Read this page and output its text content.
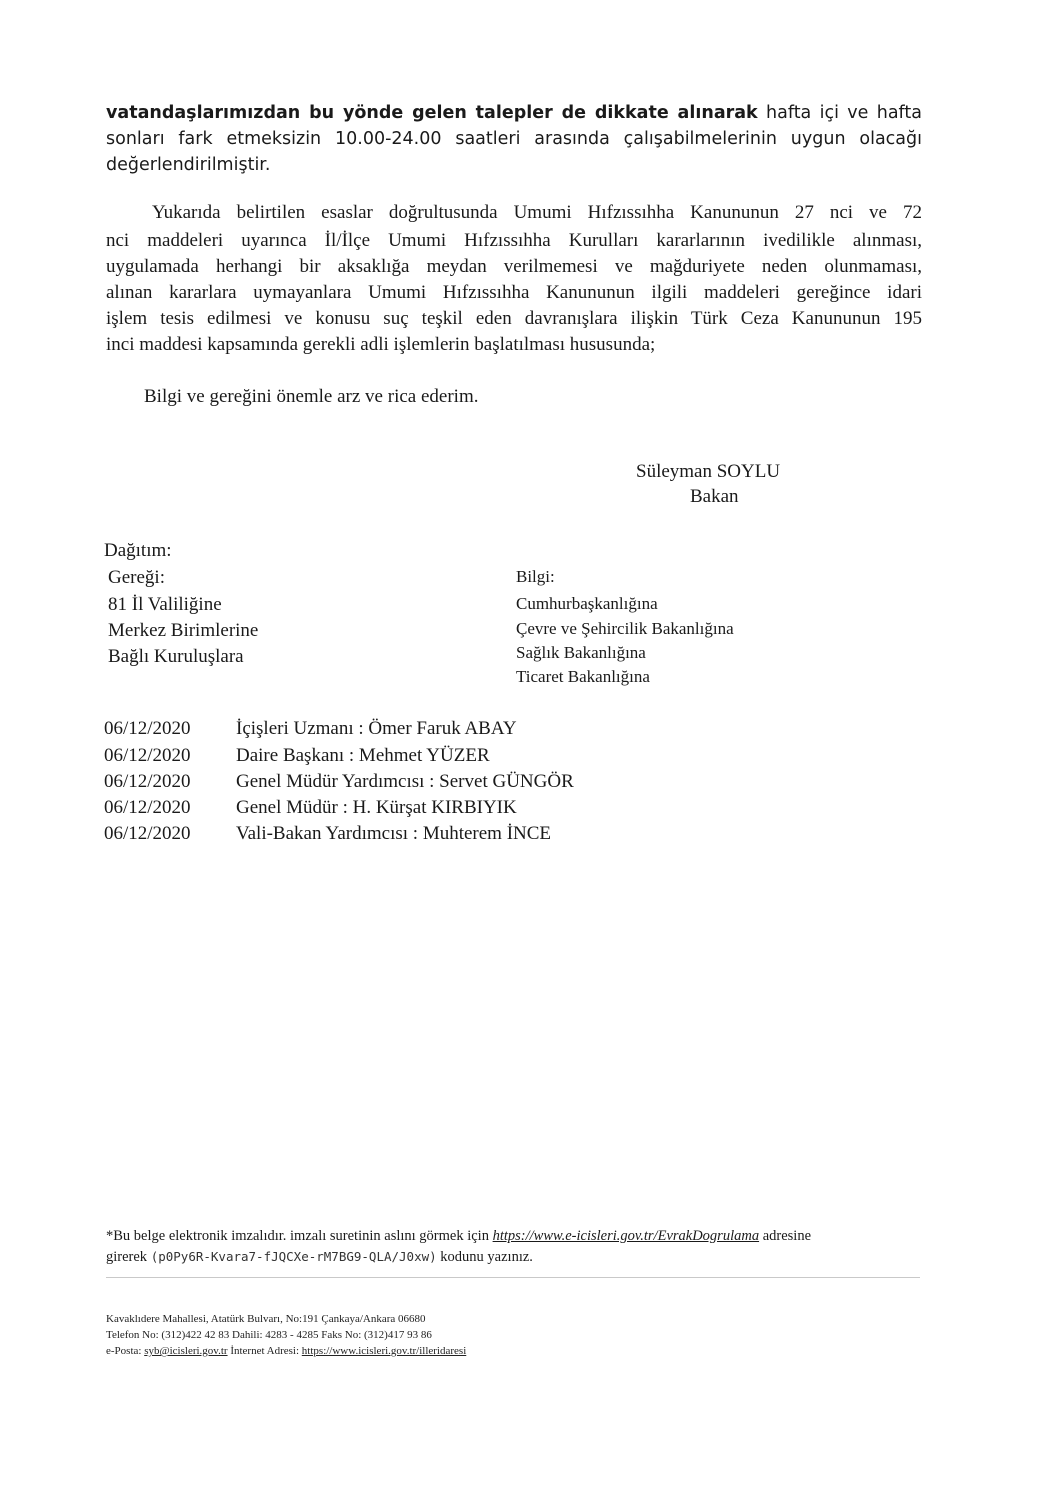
vatandaşlarımızdan bu yönde gelen talepler de dikkate alınarak hafta içi ve hafta
sonları fark etmeksizin 10.00-24.00 saatleri arasında çalışabilmelerinin uygun olacağı
değerlendirilmiştir.
Yukarıda belirtilen esaslar doğrultusunda Umumi Hıfzıssıhha Kanununun 27 nci ve 72
nci maddeleri uyarınca İl/İlçe Umumi Hıfzıssıhha Kurulları kararlarının ivedilikle alınması,
uygulamada herhangi bir aksaklığa meydan verilmemesi ve mağduriyete neden olunmaması,
alınan kararlara uymayanlara Umumi Hıfzıssıhha Kanununun ilgili maddeleri gereğince idari
işlem tesis edilmesi ve konusu suç teşkil eden davranışlara ilişkin Türk Ceza Kanununun 195
inci maddesi kapsamında gerekli adli işlemlerin başlatılması hususunda;
Bilgi ve gereğini önemle arz ve rica ederim.
Süleyman SOYLU
Bakan
Dağıtım:
Gereği:
81 İl Valiliğine
Merkez Birimlerine
Bağlı Kuruluşlara
Bilgi:
Cumhurbaşkanlığına
Çevre ve Şehircilik Bakanlığına
Sağlık Bakanlığına
Ticaret Bakanlığına
06/12/2020 İçişleri Uzmanı : Ömer Faruk ABAY
06/12/2020 Daire Başkanı : Mehmet YÜZER
06/12/2020 Genel Müdür Yardımcısı : Servet GÜNGÖR
06/12/2020 Genel Müdür : H. Kürşat KIRBIYIK
06/12/2020 Vali-Bakan Yardımcısı : Muhterem İNCE
*Bu belge elektronik imzalıdır. imzalı suretinin aslını görmek için https://www.e-icisleri.gov.tr/EvrakDogrulama adresine
girerek (p0Py6R-Kvara7-fJQCXe-rM7BG9-QLA/J0xw) kodunu yazınız.
Kavaklıdere Mahallesi, Atatürk Bulvarı, No:191 Çankaya/Ankara 06680
Telefon No: (312)422 42 83 Dahili: 4283 - 4285 Faks No: (312)417 93 86
e-Posta: syb@icisleri.gov.tr İnternet Adresi: https://www.icisleri.gov.tr/illeridaresi
